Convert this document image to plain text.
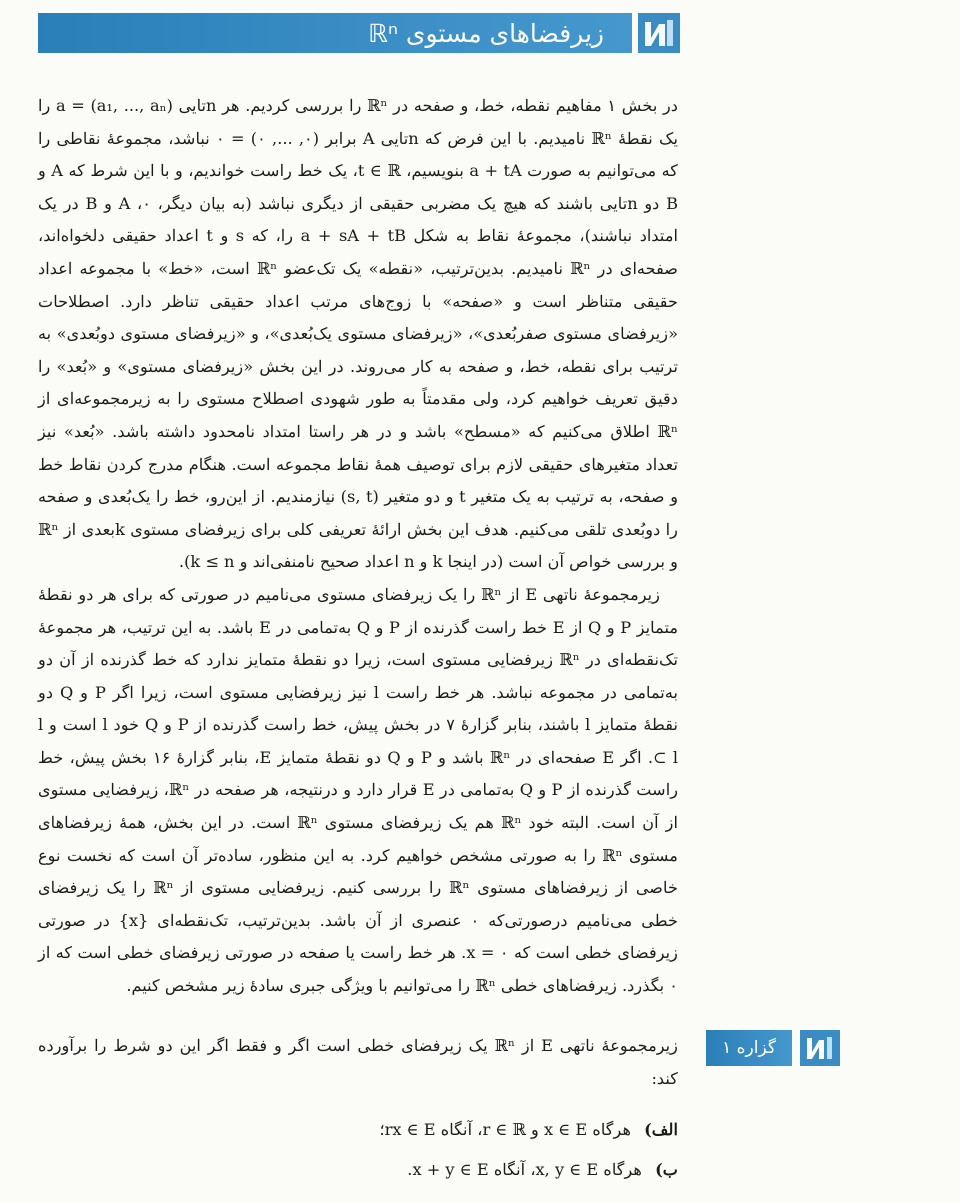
زیرفضاهای مستوی ℝⁿ

در بخش ۱ مفاهیم نقطه، خط، و صفحه در ℝⁿ را بررسی کردیم. هر nتایی a = (a₁, ..., aₙ) را یک نقطهٔ ℝⁿ نامیدیم. با این فرض که nتایی A برابر (۰, ..., ۰) = ۰ نباشد، مجموعهٔ نقاطی را که می‌توانیم به صورت a + tA بنویسیم، t ∈ ℝ، یک خط راست خواندیم، و با این شرط که A و B دو nتایی باشند که هیچ یک مضربی حقیقی از دیگری نباشد (به بیان دیگر، ۰، A و B در یک امتداد نباشند)، مجموعهٔ نقاط به شکل a + sA + tB را، که s و t اعداد حقیقی دلخواه‌اند، صفحه‌ای در ℝⁿ نامیدیم. بدین‌ترتیب، «نقطه» یک تک‌عضو ℝⁿ است، «خط» با مجموعه اعداد حقیقی متناظر است و «صفحه» با زوج‌های مرتب اعداد حقیقی تناظر دارد. اصطلاحات «زیرفضای مستوی صفربُعدی»، «زیرفضای مستوی یک‌بُعدی»، و «زیرفضای مستوی دوبُعدی» به ترتیب برای نقطه، خط، و صفحه به کار می‌روند. در این بخش «زیرفضای مستوی» و «بُعد» را دقیق تعریف خواهیم کرد، ولی مقدمتاً به طور شهودی اصطلاح مستوی را به زیرمجموعه‌ای از ℝⁿ اطلاق می‌کنیم که «مسطح» باشد و در هر راستا امتداد نامحدود داشته باشد. «بُعد» نیز تعداد متغیرهای حقیقی لازم برای توصیف همهٔ نقاط مجموعه است. هنگام مدرج کردن نقاط خط و صفحه، به ترتیب به یک متغیر t و دو متغیر (s, t) نیازمندیم. از این‌رو، خط را یک‌بُعدی و صفحه را دوبُعدی تلقی می‌کنیم. هدف این بخش ارائهٔ تعریفی کلی برای زیرفضای مستوی kبعدی از ℝⁿ و بررسی خواص آن است (در اینجا k و n اعداد صحیح نامنفی‌اند و k ≤ n).

زیرمجموعهٔ ناتهی E از ℝⁿ را یک زیرفضای مستوی می‌نامیم در صورتی که برای هر دو نقطهٔ متمایز P و Q از E خط راست گذرنده از P و Q به‌تمامی در E باشد. به این ترتیب، هر مجموعهٔ تک‌نقطه‌ای در ℝⁿ زیرفضایی مستوی است، زیرا دو نقطهٔ متمایز ندارد که خط گذرنده از آن دو به‌تمامی در مجموعه نباشد. هر خط راست l نیز زیرفضایی مستوی است، زیرا اگر P و Q دو نقطهٔ متمایز l باشند، بنابر گزارهٔ ۷ در بخش پیش، خط راست گذرنده از P و Q خود l است و l ⊂ l. اگر E صفحه‌ای در ℝⁿ باشد و P و Q دو نقطهٔ متمایز E، بنابر گزارهٔ ۱۶ بخش پیش، خط راست گذرنده از P و Q به‌تمامی در E قرار دارد و درنتیجه، هر صفحه در ℝⁿ، زیرفضایی مستوی از آن است. البته خود ℝⁿ هم یک زیرفضای مستوی ℝⁿ است. در این بخش، همهٔ زیرفضاهای مستوی ℝⁿ را به صورتی مشخص خواهیم کرد. به این منظور، ساده‌تر آن است که نخست نوع خاصی از زیرفضاهای مستوی ℝⁿ را بررسی کنیم. زیرفضایی مستوی از ℝⁿ را یک زیرفضای خطی می‌نامیم درصورتی‌که ۰ عنصری از آن باشد. بدین‌ترتیب، تک‌نقطه‌ای {x} در صورتی زیرفضای خطی است که x = ۰. هر خط راست یا صفحه در صورتی زیرفضای خطی است که از ۰ بگذرد. زیرفضاهای خطی ℝⁿ را می‌توانیم با ویژگی جبری سادهٔ زیر مشخص کنیم.

زیرمجموعهٔ ناتهی E از ℝⁿ یک زیرفضای خطی است اگر و فقط اگر این دو شرط را برآورده کند:

گزاره ۱
الف) هرگاه x ∈ E و r ∈ ℝ، آنگاه rx ∈ E؛
ب) هرگاه x, y ∈ E، آنگاه x + y ∈ E.
